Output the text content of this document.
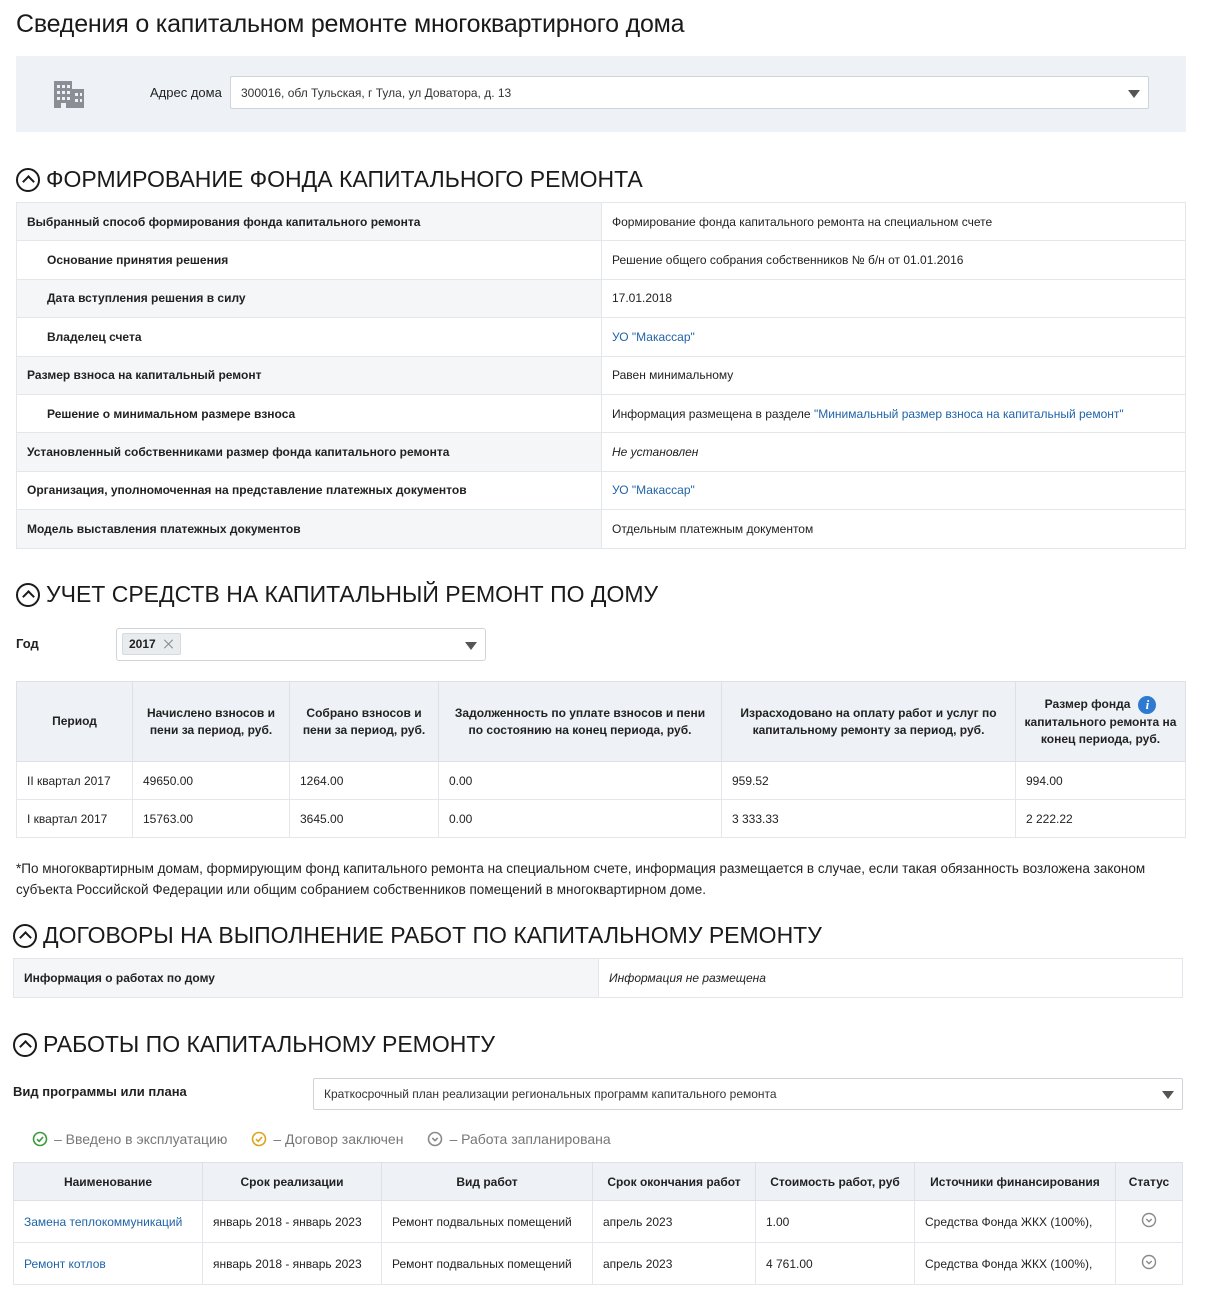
Сведения о капитальном ремонте многоквартирного дома
Адрес дома	300016, обл Тульская, г Тула, ул Доватора, д. 13
ФОРМИРОВАНИЕ ФОНДА КАПИТАЛЬНОГО РЕМОНТА
Выбранный способ формирования фонда капитального ремонта	Формирование фонда капитального ремонта на специальном счете
Основание принятия решения	Решение общего собрания собственников № б/н от 01.01.2016
Дата вступления решения в силу	17.01.2018
Владелец счета	УО "Макассар"
Размер взноса на капитальный ремонт	Равен минимальному
Решение о минимальном размере взноса	Информация размещена в разделе "Минимальный размер взноса на капитальный ремонт"
Установленный собственниками размер фонда капитального ремонта	Не установлен
Организация, уполномоченная на представление платежных документов	УО "Макассар"
Модель выставления платежных документов	Отдельным платежным документом
УЧЕТ СРЕДСТВ НА КАПИТАЛЬНЫЙ РЕМОНТ ПО ДОМУ
Год	2017
Период	Начислено взносов и пени за период, руб.	Собрано взносов и пени за период, руб.	Задолженность по уплате взносов и пени по состоянию на конец периода, руб.	Израсходовано на оплату работ и услуг по капитальному ремонту за период, руб.	Размер фонда i
капитального ремонта на конец периода, руб.
II квартал 2017	49650.00	1264.00	0.00	959.52	994.00
I квартал 2017	15763.00	3645.00	0.00	3 333.33	2 222.22

*По многоквартирным домам, формирующим фонд капитального ремонта на специальном счете, информация размещается в случае, если такая обязанность возложена законом субъекта Российской Федерации или общим собранием собственников помещений в многоквартирном доме.

ДОГОВОРЫ НА ВЫПОЛНЕНИЕ РАБОТ ПО КАПИТАЛЬНОМУ РЕМОНТУ
Информация о работах по дому	Информация не размещена
РАБОТЫ ПО КАПИТАЛЬНОМУ РЕМОНТУ
Вид программы или плана	Краткосрочный план реализации региональных программ капитального ремонта
– Введено в эксплуатацию	– Договор заключен	– Работа запланирована
Наименование	Срок реализации	Вид работ	Срок окончания работ	Стоимость работ, руб	Источники финансирования	Статус
Замена теплокоммуникаций	январь 2018 - январь 2023	Ремонт подвальных помещений	апрель 2023	1.00	Средства Фонда ЖКХ (100%),	
Ремонт котлов	январь 2018 - январь 2023	Ремонт подвальных помещений	апрель 2023	4 761.00	Средства Фонда ЖКХ (100%),	
